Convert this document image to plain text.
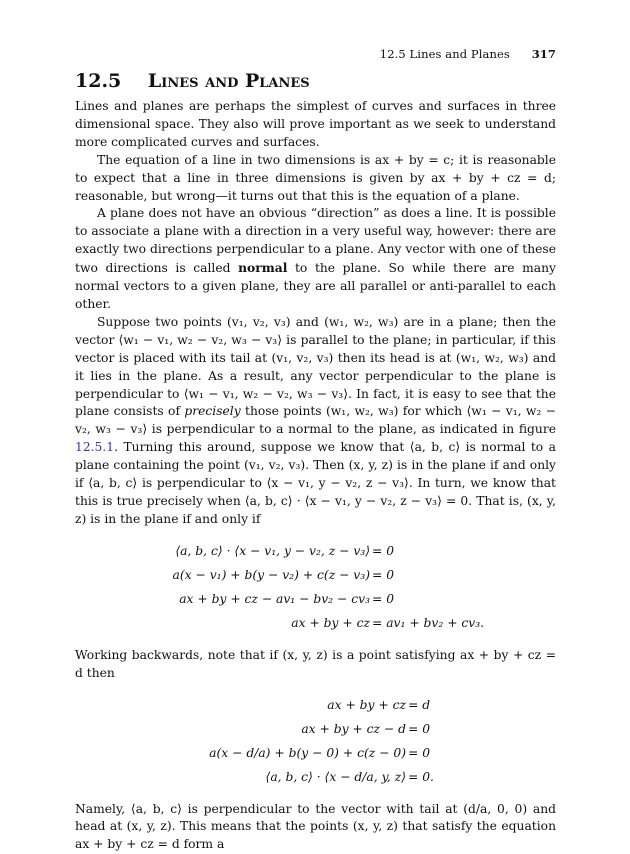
12.5 Lines and Planes 317
12.5 Lines and Planes

Lines and planes are perhaps the simplest of curves and surfaces in three dimensional space. They also will prove important as we seek to understand more complicated curves and surfaces.

The equation of a line in two dimensions is ax + by = c; it is reasonable to expect that a line in three dimensions is given by ax + by + cz = d; reasonable, but wrong—it turns out that this is the equation of a plane.

A plane does not have an obvious “direction” as does a line. It is possible to associate a plane with a direction in a very useful way, however: there are exactly two directions perpendicular to a plane. Any vector with one of these two directions is called normal to the plane. So while there are many normal vectors to a given plane, they are all parallel or anti-parallel to each other.

Suppose two points (v₁, v₂, v₃) and (w₁, w₂, w₃) are in a plane; then the vector ⟨w₁ − v₁, w₂ − v₂, w₃ − v₃⟩ is parallel to the plane; in particular, if this vector is placed with its tail at (v₁, v₂, v₃) then its head is at (w₁, w₂, w₃) and it lies in the plane. As a result, any vector perpendicular to the plane is perpendicular to ⟨w₁ − v₁, w₂ − v₂, w₃ − v₃⟩. In fact, it is easy to see that the plane consists of precisely those points (w₁, w₂, w₃) for which ⟨w₁ − v₁, w₂ − v₂, w₃ − v₃⟩ is perpendicular to a normal to the plane, as indicated in figure 12.5.1. Turning this around, suppose we know that ⟨a, b, c⟩ is normal to a plane containing the point (v₁, v₂, v₃). Then (x, y, z) is in the plane if and only if ⟨a, b, c⟩ is perpendicular to ⟨x − v₁, y − v₂, z − v₃⟩. In turn, we know that this is true precisely when ⟨a, b, c⟩ · ⟨x − v₁, y − v₂, z − v₃⟩ = 0. That is, (x, y, z) is in the plane if and only if

⟨a, b, c⟩ · ⟨x − v₁, y − v₂, z − v₃⟩ = 0
a(x − v₁) + b(y − v₂) + c(z − v₃) = 0
ax + by + cz − av₁ − bv₂ − cv₃ = 0
ax + by + cz = av₁ + bv₂ + cv₃.

Working backwards, note that if (x, y, z) is a point satisfying ax + by + cz = d then

ax + by + cz = d
ax + by + cz − d = 0
a(x − d/a) + b(y − 0) + c(z − 0) = 0
⟨a, b, c⟩ · ⟨x − d/a, y, z⟩ = 0.

Namely, ⟨a, b, c⟩ is perpendicular to the vector with tail at (d/a, 0, 0) and head at (x, y, z). This means that the points (x, y, z) that satisfy the equation ax + by + cz = d form a
